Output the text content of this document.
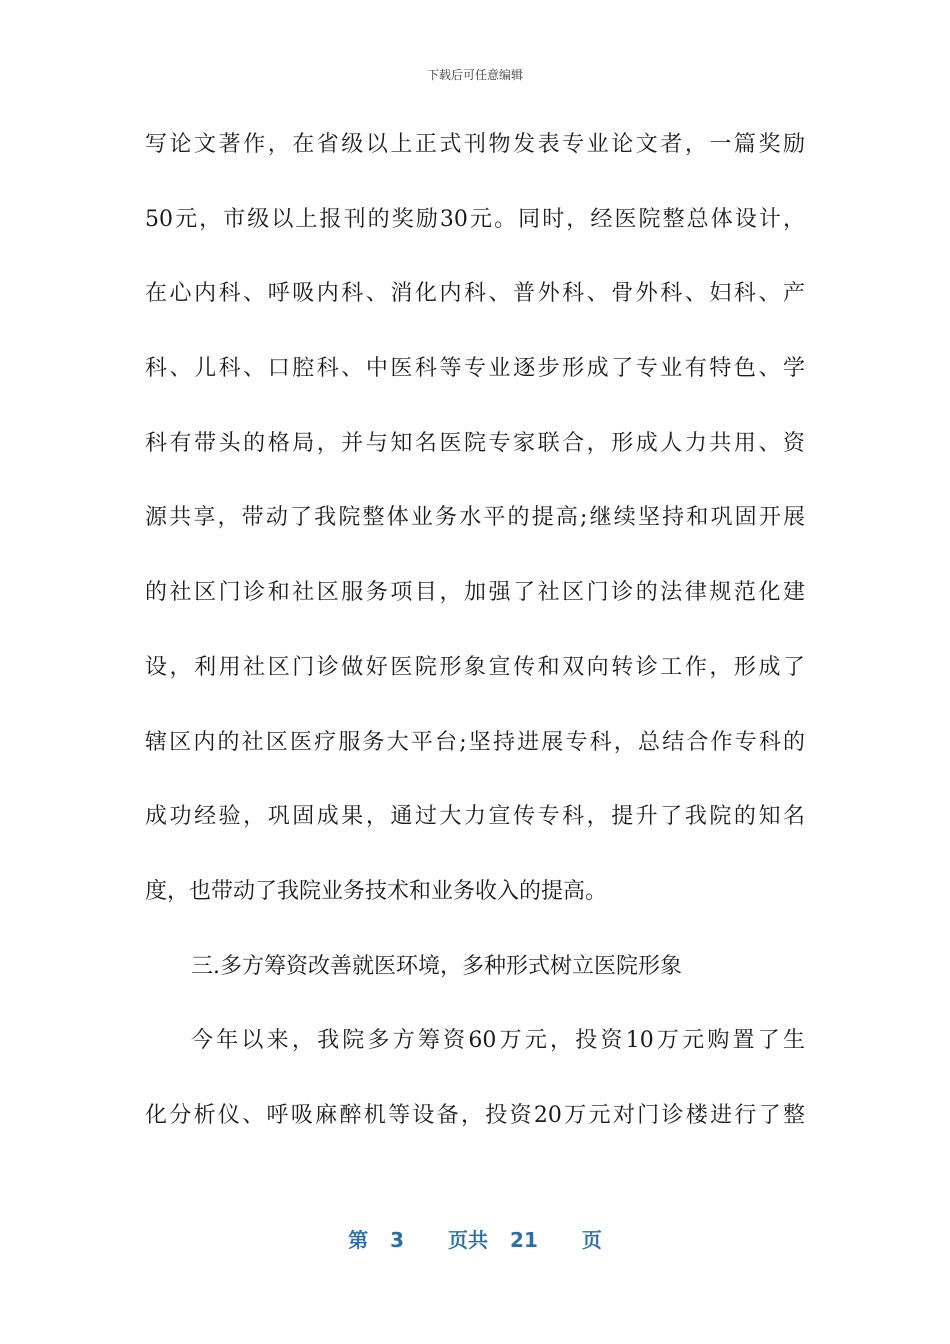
下载后可任意编辑
写论文著作，在省级以上正式刊物发表专业论文者，一篇奖励
50元，市级以上报刊的奖励30元。同时，经医院整总体设计，
在心内科、呼吸内科、消化内科、普外科、骨外科、妇科、产
科、儿科、口腔科、中医科等专业逐步形成了专业有特色、学
科有带头的格局，并与知名医院专家联合，形成人力共用、资
源共享，带动了我院整体业务水平的提高;继续坚持和巩固开展
的社区门诊和社区服务项目，加强了社区门诊的法律规范化建
设，利用社区门诊做好医院形象宣传和双向转诊工作，形成了
辖区内的社区医疗服务大平台;坚持进展专科，总结合作专科的
成功经验，巩固成果，通过大力宣传专科，提升了我院的知名
度，也带动了我院业务技术和业务收入的提高。
三.多方筹资改善就医环境，多种形式树立医院形象
今年以来，我院多方筹资60万元，投资10万元购置了生
化分析仪、呼吸麻醉机等设备，投资20万元对门诊楼进行了整
第 3 页共 21 页
